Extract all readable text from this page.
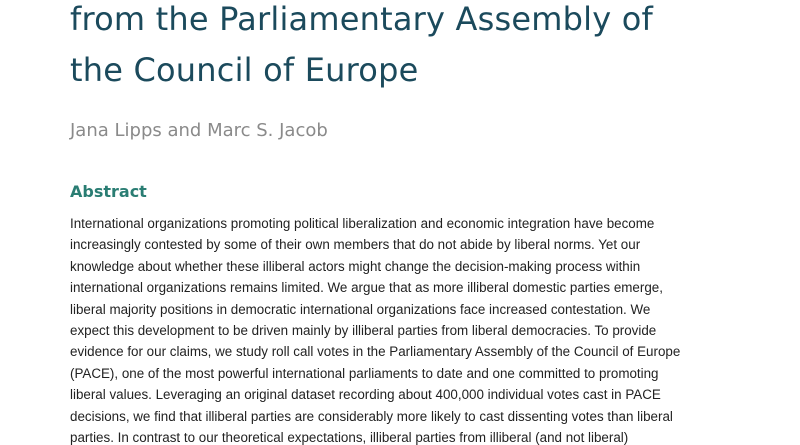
from the Parliamentary Assembly of
the Council of Europe

Jana Lipps and Marc S. Jacob

Abstract
International organizations promoting political liberalization and economic integration have become
increasingly contested by some of their own members that do not abide by liberal norms. Yet our
knowledge about whether these illiberal actors might change the decision-making process within
international organizations remains limited. We argue that as more illiberal domestic parties emerge,
liberal majority positions in democratic international organizations face increased contestation. We
expect this development to be driven mainly by illiberal parties from liberal democracies. To provide
evidence for our claims, we study roll call votes in the Parliamentary Assembly of the Council of Europe
(PACE), one of the most powerful international parliaments to date and one committed to promoting
liberal values. Leveraging an original dataset recording about 400,000 individual votes cast in PACE
decisions, we find that illiberal parties are considerably more likely to cast dissenting votes than liberal
parties. In contrast to our theoretical expectations, illiberal parties from illiberal (and not liberal)
